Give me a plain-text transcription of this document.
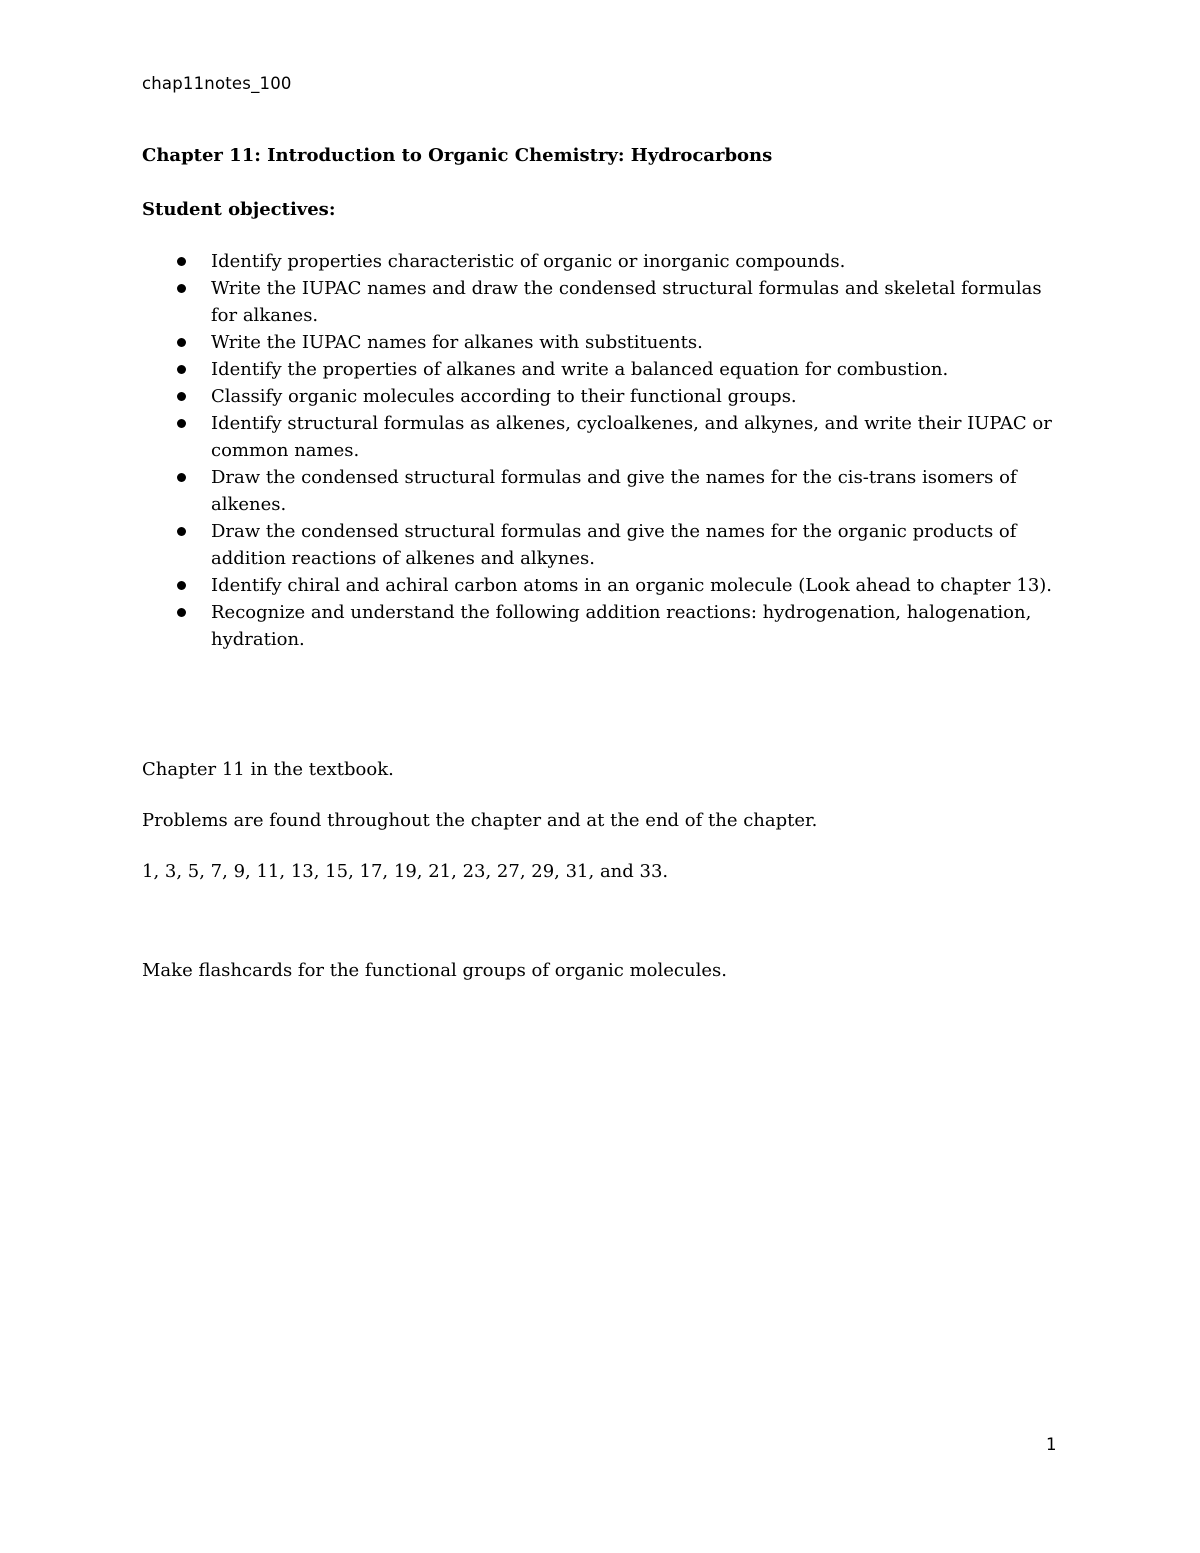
chap11notes_100
Chapter 11: Introduction to Organic Chemistry: Hydrocarbons
Student objectives:
Identify properties characteristic of organic or inorganic compounds.
Write the IUPAC names and draw the condensed structural formulas and skeletal formulas for alkanes.
Write the IUPAC names for alkanes with substituents.
Identify the properties of alkanes and write a balanced equation for combustion.
Classify organic molecules according to their functional groups.
Identify structural formulas as alkenes, cycloalkenes, and alkynes, and write their IUPAC or common names.
Draw the condensed structural formulas and give the names for the cis-trans isomers of alkenes.
Draw the condensed structural formulas and give the names for the organic products of addition reactions of alkenes and alkynes.
Identify chiral and achiral carbon atoms in an organic molecule (Look ahead to chapter 13).
Recognize and understand the following addition reactions: hydrogenation, halogenation, hydration.
Chapter 11 in the textbook.
Problems are found throughout the chapter and at the end of the chapter.
1, 3, 5, 7, 9, 11, 13, 15, 17, 19, 21, 23, 27, 29, 31, and 33.
Make flashcards for the functional groups of organic molecules.
1
